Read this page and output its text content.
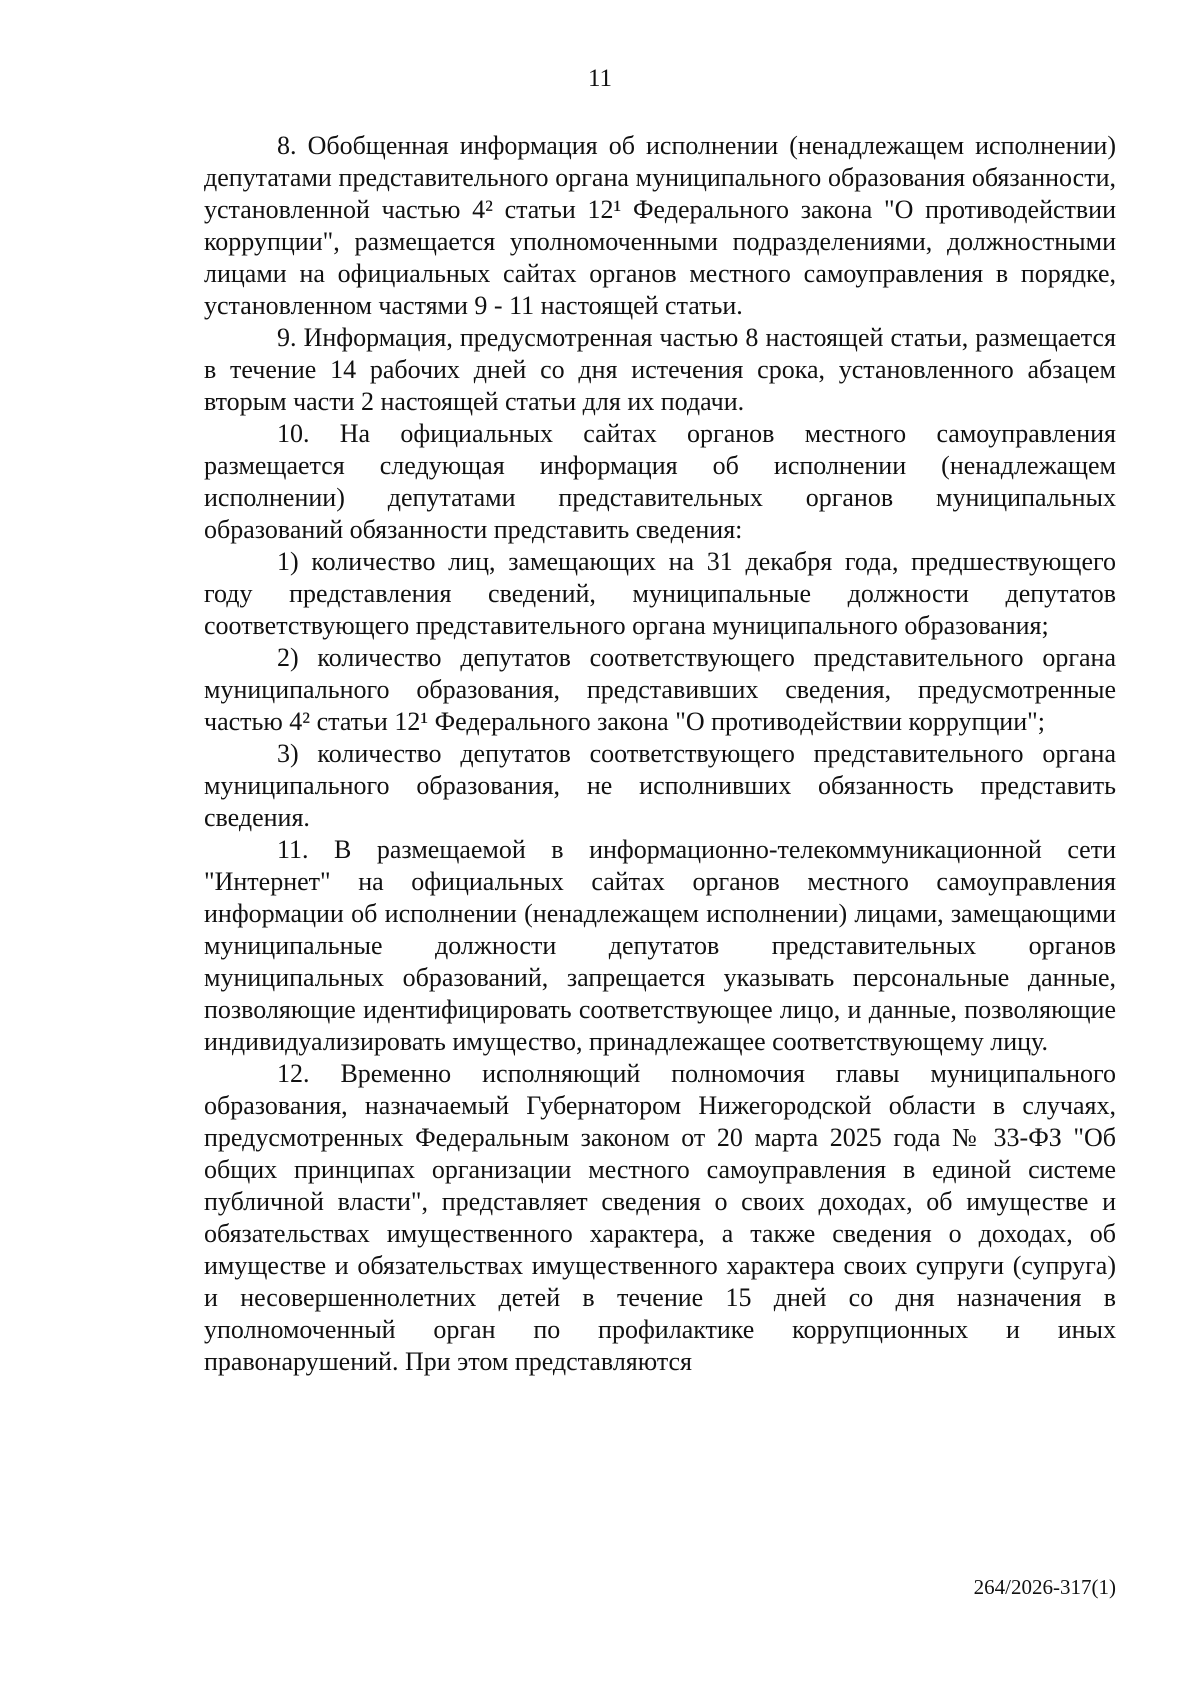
11

8. Обобщенная информация об исполнении (ненадлежащем исполнении) депутатами представительного органа муниципального образования обязанности, установленной частью 4² статьи 12¹ Федерального закона "О противодействии коррупции", размещается уполномоченными подразделениями, должностными лицами на официальных сайтах органов местного самоуправления в порядке, установленном частями 9 - 11 настоящей статьи.

9. Информация, предусмотренная частью 8 настоящей статьи, размещается в течение 14 рабочих дней со дня истечения срока, установленного абзацем вторым части 2 настоящей статьи для их подачи.

10. На официальных сайтах органов местного самоуправления размещается следующая информация об исполнении (ненадлежащем исполнении) депутатами представительных органов муниципальных образований обязанности представить сведения:

1) количество лиц, замещающих на 31 декабря года, предшествующего году представления сведений, муниципальные должности депутатов соответствующего представительного органа муниципального образования;

2) количество депутатов соответствующего представительного органа муниципального образования, представивших сведения, предусмотренные частью 4² статьи 12¹ Федерального закона "О противодействии коррупции";

3) количество депутатов соответствующего представительного органа муниципального образования, не исполнивших обязанность представить сведения.

11. В размещаемой в информационно-телекоммуникационной сети "Интернет" на официальных сайтах органов местного самоуправления информации об исполнении (ненадлежащем исполнении) лицами, замещающими муниципальные должности депутатов представительных органов муниципальных образований, запрещается указывать персональные данные, позволяющие идентифицировать соответствующее лицо, и данные, позволяющие индивидуализировать имущество, принадлежащее соответствующему лицу.

12. Временно исполняющий полномочия главы муниципального образования, назначаемый Губернатором Нижегородской области в случаях, предусмотренных Федеральным законом от 20 марта 2025 года № 33-ФЗ "Об общих принципах организации местного самоуправления в единой системе публичной власти", представляет сведения о своих доходах, об имуществе и обязательствах имущественного характера, а также сведения о доходах, об имуществе и обязательствах имущественного характера своих супруги (супруга) и несовершеннолетних детей в течение 15 дней со дня назначения в уполномоченный орган по профилактике коррупционных и иных правонарушений. При этом представляются

264/2026-317(1)
